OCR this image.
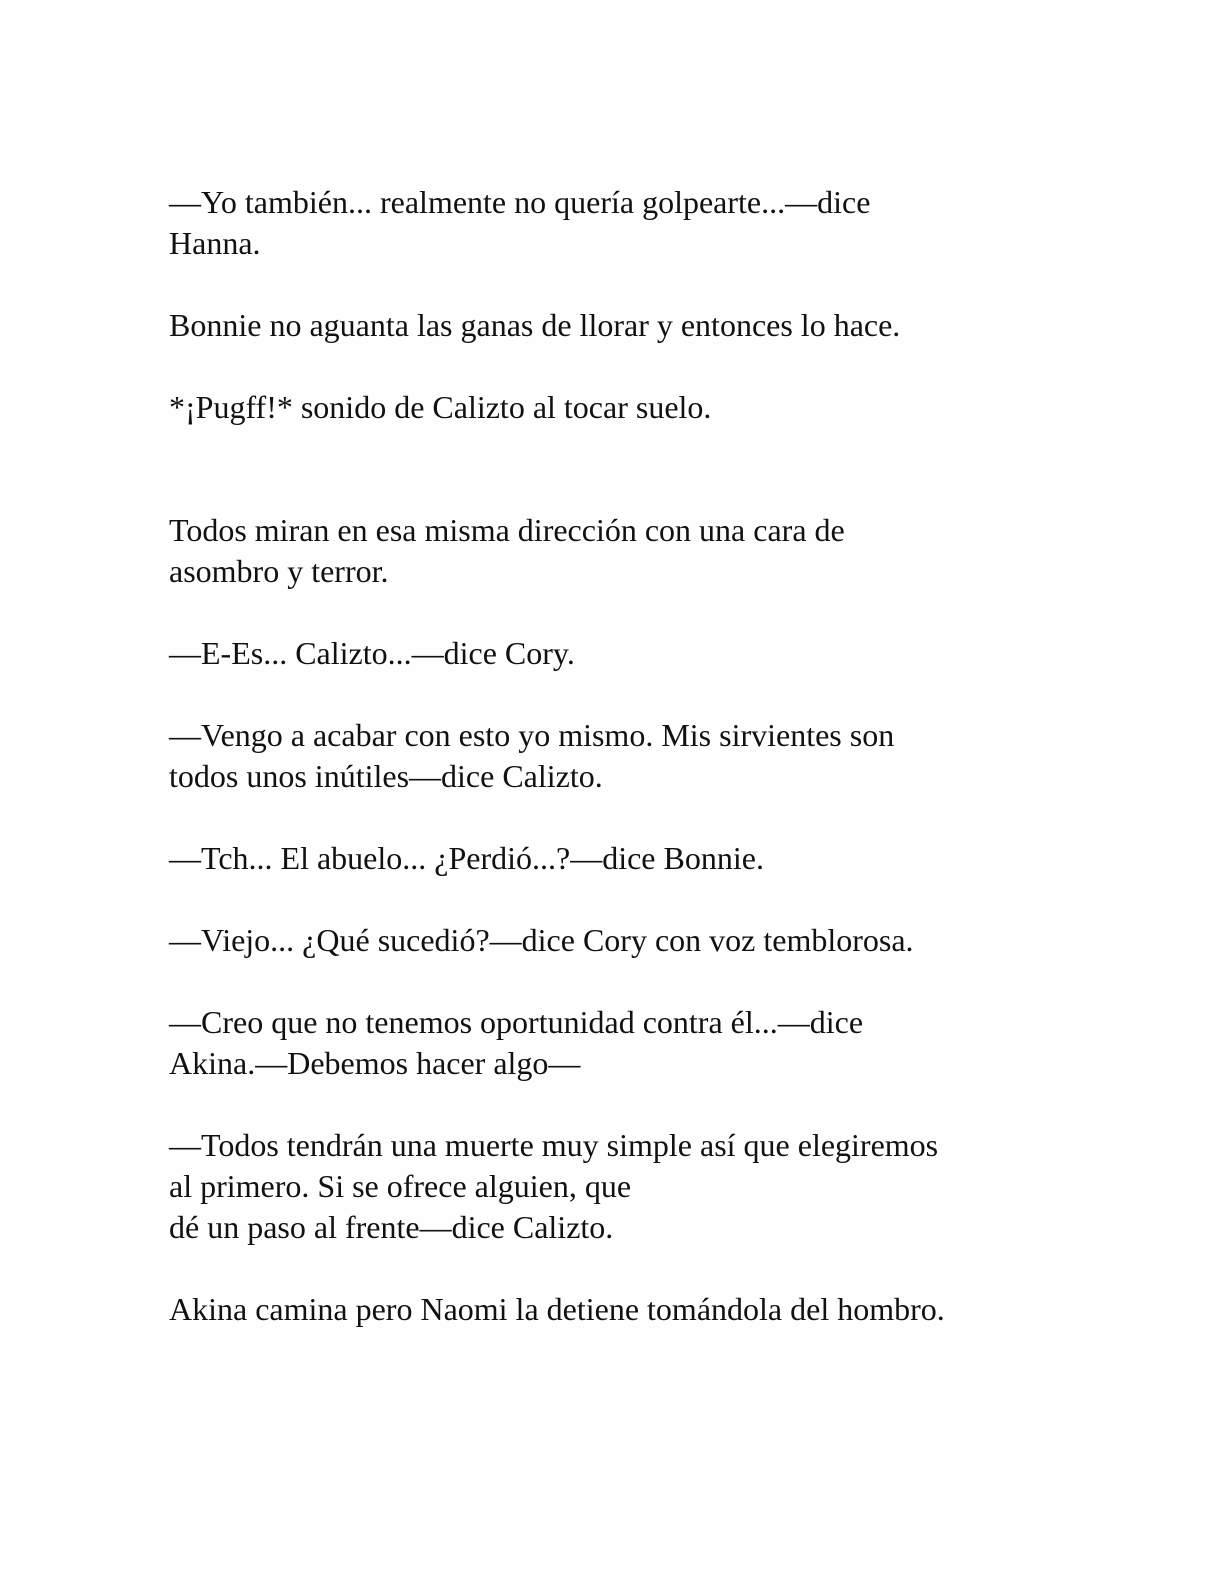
—Yo también... realmente no quería golpearte...—dice
Hanna.

Bonnie no aguanta las ganas de llorar y entonces lo hace.

*¡Pugff!* sonido de Calizto al tocar suelo.

Todos miran en esa misma dirección con una cara de
asombro y terror.

—E-Es... Calizto...—dice Cory.

—Vengo a acabar con esto yo mismo. Mis sirvientes son
todos unos inútiles—dice Calizto.

—Tch... El abuelo... ¿Perdió...?—dice Bonnie.

—Viejo... ¿Qué sucedió?—dice Cory con voz temblorosa.

—Creo que no tenemos oportunidad contra él...—dice
Akina.—Debemos hacer algo—

—Todos tendrán una muerte muy simple así que elegiremos
al primero. Si se ofrece alguien, que
dé un paso al frente—dice Calizto.

Akina camina pero Naomi la detiene tomándola del hombro.
